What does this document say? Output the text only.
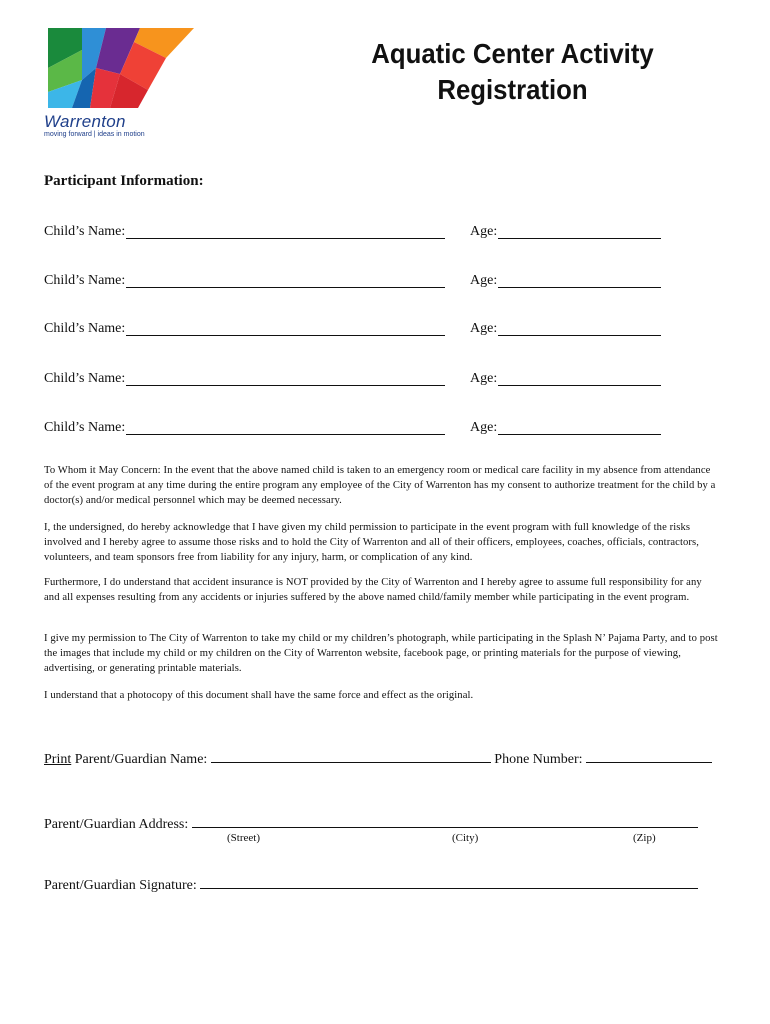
Warrenton
moving forward | ideas in motion
Aquatic Center Activity Registration
Participant Information:
Child’s Name:	Age:
Child’s Name:	Age:
Child’s Name:	Age:
Child’s Name:	Age:
Child’s Name:	Age:

To Whom it May Concern: In the event that the above named child is taken to an emergency room or medical care facility in my absence from attendance of the event program at any time during the entire program any employee of the City of Warrenton has my consent to authorize treatment for the child by a doctor(s) and/or medical personnel which may be deemed necessary.

I, the undersigned, do hereby acknowledge that I have given my child permission to participate in the event program with full knowledge of the risks involved and I hereby agree to assume those risks and to hold the City of Warrenton and all of their officers, employees, coaches, officials, contractors, volunteers, and team sponsors free from liability for any injury, harm, or complication of any kind.

Furthermore, I do understand that accident insurance is NOT provided by the City of Warrenton and I hereby agree to assume full responsibility for any and all expenses resulting from any accidents or injuries suffered by the above named child/family member while participating in the event program.

I give my permission to The City of Warrenton to take my child or my children’s photograph, while participating in the Splash N’ Pajama Party, and to post the images that include my child or my children on the City of Warrenton website, facebook page, or printing materials for the purpose of viewing, advertising, or generating printable materials.

I understand that a photocopy of this document shall have the same force and effect as the original.

Print Parent/Guardian Name:	Phone Number:
Parent/Guardian Address:
(Street)	(City)	(Zip)
Parent/Guardian Signature:
